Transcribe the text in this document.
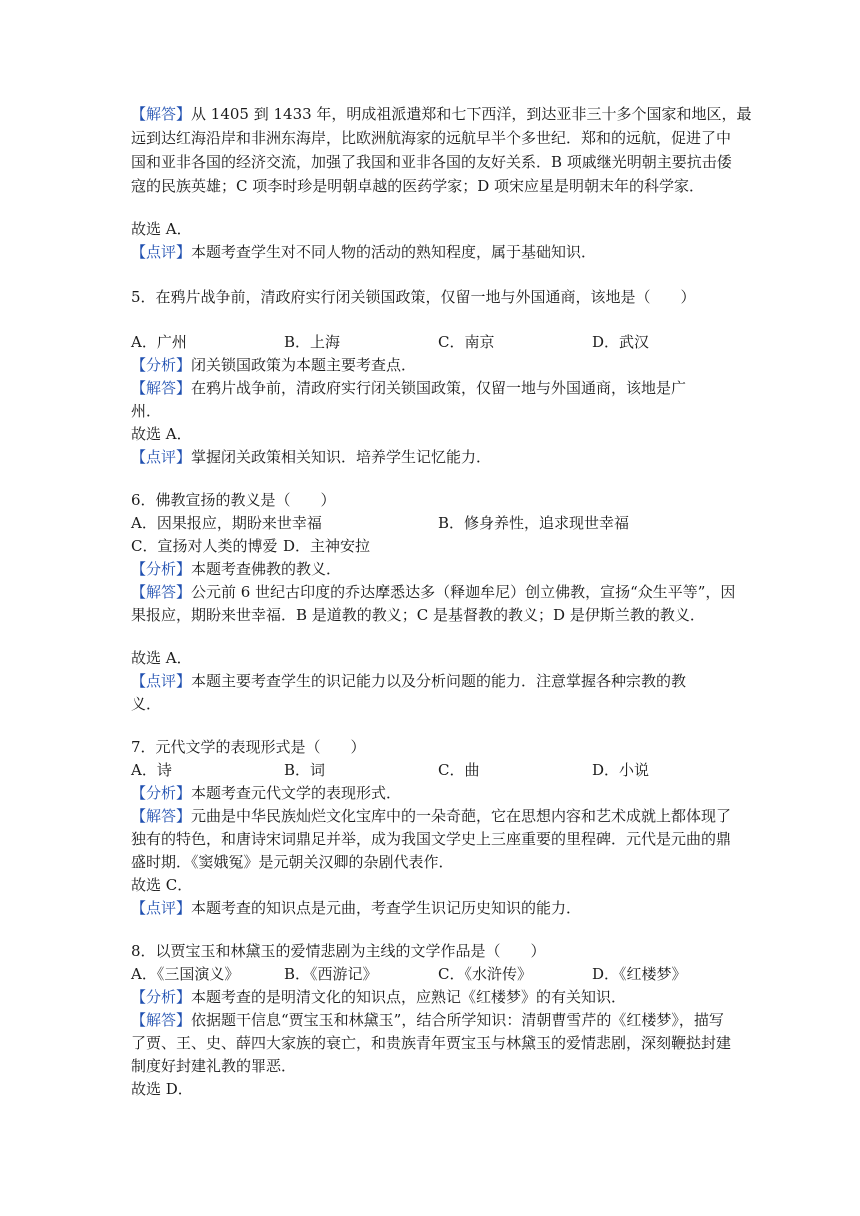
【解答】从 1405 到 1433 年，明成祖派遣郑和七下西洋，到达亚非三十多个国家和地区，最
远到达红海沿岸和非洲东海岸，比欧洲航海家的远航早半个多世纪．郑和的远航，促进了中
国和亚非各国的经济交流，加强了我国和亚非各国的友好关系．B 项戚继光明朝主要抗击倭
寇的民族英雄；C 项李时珍是明朝卓越的医药学家；D 项宋应星是明朝末年的科学家．
故选 A．
【点评】本题考查学生对不同人物的活动的熟知程度，属于基础知识．
5．在鸦片战争前，清政府实行闭关锁国政策，仅留一地与外国通商，该地是（　　）
A．广州	B．上海	C．南京	D．武汉
【分析】闭关锁国政策为本题主要考查点．
【解答】在鸦片战争前，清政府实行闭关锁国政策，仅留一地与外国通商，该地是广
州．
故选 A．
【点评】掌握闭关政策相关知识．培养学生记忆能力．
6．佛教宣扬的教义是（　　）
A．因果报应，期盼来世幸福	B．修身养性，追求现世幸福
C．宣扬对人类的博爱 D．主神安拉
【分析】本题考查佛教的教义．
【解答】公元前 6 世纪古印度的乔达摩悉达多（释迦牟尼）创立佛教，宣扬“众生平等”，因
果报应，期盼来世幸福．B 是道教的教义；C 是基督教的教义；D 是伊斯兰教的教义．
故选 A．
【点评】本题主要考查学生的识记能力以及分析问题的能力．注意掌握各种宗教的教
义．
7．元代文学的表现形式是（　　）
A．诗	B．词	C．曲	D．小说
【分析】本题考查元代文学的表现形式．
【解答】元曲是中华民族灿烂文化宝库中的一朵奇葩，它在思想内容和艺术成就上都体现了
独有的特色，和唐诗宋词鼎足并举，成为我国文学史上三座重要的里程碑．元代是元曲的鼎
盛时期．《窦娥冤》是元朝关汉卿的杂剧代表作．
故选 C．
【点评】本题考查的知识点是元曲，考查学生识记历史知识的能力．
8．以贾宝玉和林黛玉的爱情悲剧为主线的文学作品是（　　）
A．《三国演义》	B．《西游记》	C．《水浒传》	D．《红楼梦》
【分析】本题考查的是明清文化的知识点，应熟记《红楼梦》的有关知识．
【解答】依据题干信息“贾宝玉和林黛玉”，结合所学知识：清朝曹雪芹的《红楼梦》，描写
了贾、王、史、薛四大家族的衰亡，和贵族青年贾宝玉与林黛玉的爱情悲剧，深刻鞭挞封建
制度好封建礼教的罪恶．
故选 D．
